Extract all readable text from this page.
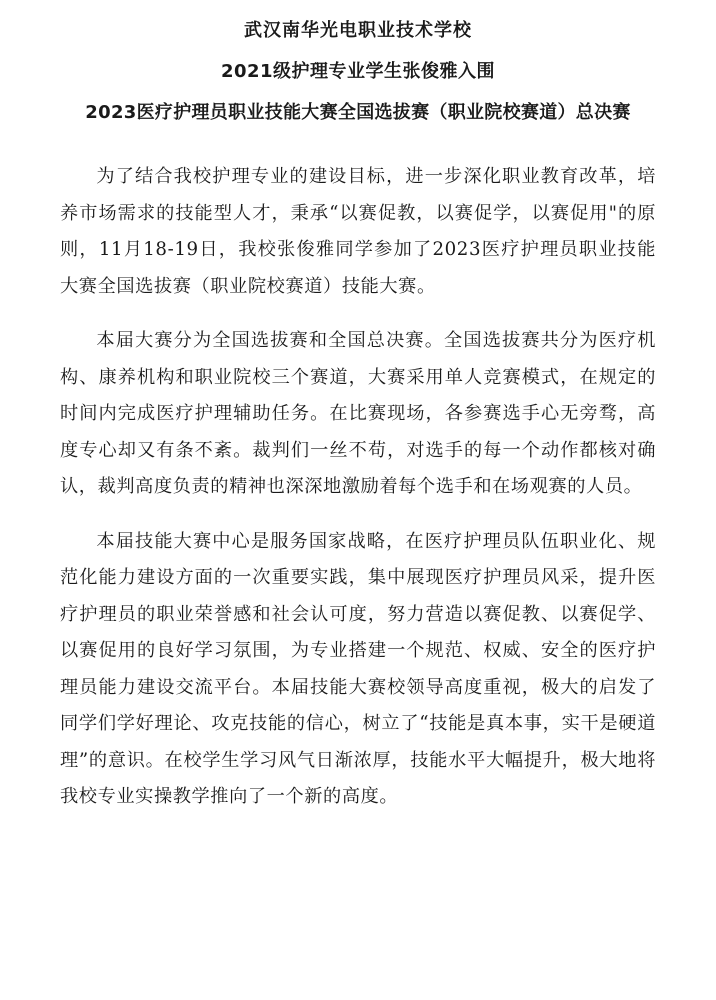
武汉南华光电职业技术学校
2021级护理专业学生张俊雅入围
2023医疗护理员职业技能大赛全国选拔赛（职业院校赛道）总决赛

为了结合我校护理专业的建设目标，进一步深化职业教育改革，培养市场需求的技能型人才，秉承“以赛促教，以赛促学，以赛促用"的原则，11月18-19日，我校张俊雅同学参加了2023医疗护理员职业技能大赛全国选拔赛（职业院校赛道）技能大赛。

本届大赛分为全国选拔赛和全国总决赛。全国选拔赛共分为医疗机构、康养机构和职业院校三个赛道，大赛采用单人竞赛模式，在规定的时间内完成医疗护理辅助任务。在比赛现场，各参赛选手心无旁骛，高度专心却又有条不紊。裁判们一丝不苟，对选手的每一个动作都核对确认，裁判高度负责的精神也深深地激励着每个选手和在场观赛的人员。

本届技能大赛中心是服务国家战略，在医疗护理员队伍职业化、规范化能力建设方面的一次重要实践，集中展现医疗护理员风采，提升医疗护理员的职业荣誉感和社会认可度，努力营造以赛促教、以赛促学、以赛促用的良好学习氛围，为专业搭建一个规范、权威、安全的医疗护理员能力建设交流平台。本届技能大赛校领导高度重视，极大的启发了同学们学好理论、攻克技能的信心，树立了“技能是真本事，实干是硬道理”的意识。在校学生学习风气日渐浓厚，技能水平大幅提升，极大地将我校专业实操教学推向了一个新的高度。
